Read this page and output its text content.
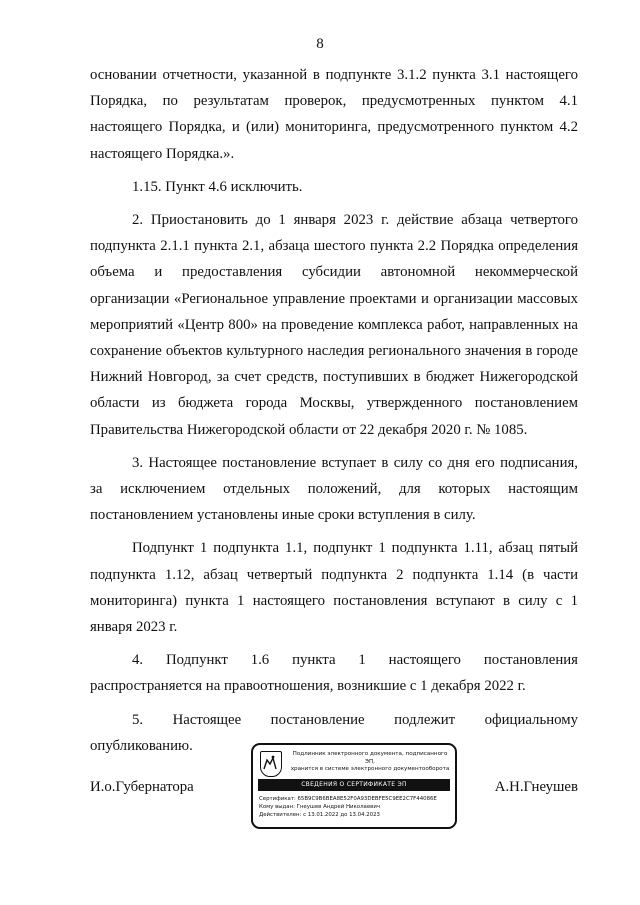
8

основании отчетности, указанной в подпункте 3.1.2 пункта 3.1 настоящего Порядка, по результатам проверок, предусмотренных пунктом 4.1 настоящего Порядка, и (или) мониторинга, предусмотренного пунктом 4.2 настоящего Порядка.».

1.15. Пункт 4.6 исключить.

2. Приостановить до 1 января 2023 г. действие абзаца четвертого подпункта 2.1.1 пункта 2.1, абзаца шестого пункта 2.2 Порядка определения объема и предоставления субсидии автономной некоммерческой организации «Региональное управление проектами и организации массовых мероприятий «Центр 800» на проведение комплекса работ, направленных на сохранение объектов культурного наследия регионального значения в городе Нижний Новгород, за счет средств, поступивших в бюджет Нижегородской области из бюджета города Москвы, утвержденного постановлением Правительства Нижегородской области от 22 декабря 2020 г. № 1085.

3. Настоящее постановление вступает в силу со дня его подписания, за исключением отдельных положений, для которых настоящим постановлением установлены иные сроки вступления в силу.

Подпункт 1 подпункта 1.1, подпункт 1 подпункта 1.11, абзац пятый подпункта 1.12, абзац четвертый подпункта 2 подпункта 1.14 (в части мониторинга) пункта 1 настоящего постановления вступают в силу с 1 января 2023 г.

4. Подпункт 1.6 пункта 1 настоящего постановления распространяется на правоотношения, возникшие с 1 декабря 2022 г.

5. Настоящее постановление подлежит официальному опубликованию.

И.о.Губернатора
Подлинник электронного документа, подписанного ЭП,
хранится в системе электронного документооборота
СВЕДЕНИЯ О СЕРТИФИКАТЕ ЭП
Сертификат: 65B9C9B6BEA8E52F0A93DEBFE5C9EE2C7F44086E
Кому выдан: Гнеушев Андрей Николаевич
Действителен: с 13.01.2022 до 13.04.2023
А.Н.Гнеушев
